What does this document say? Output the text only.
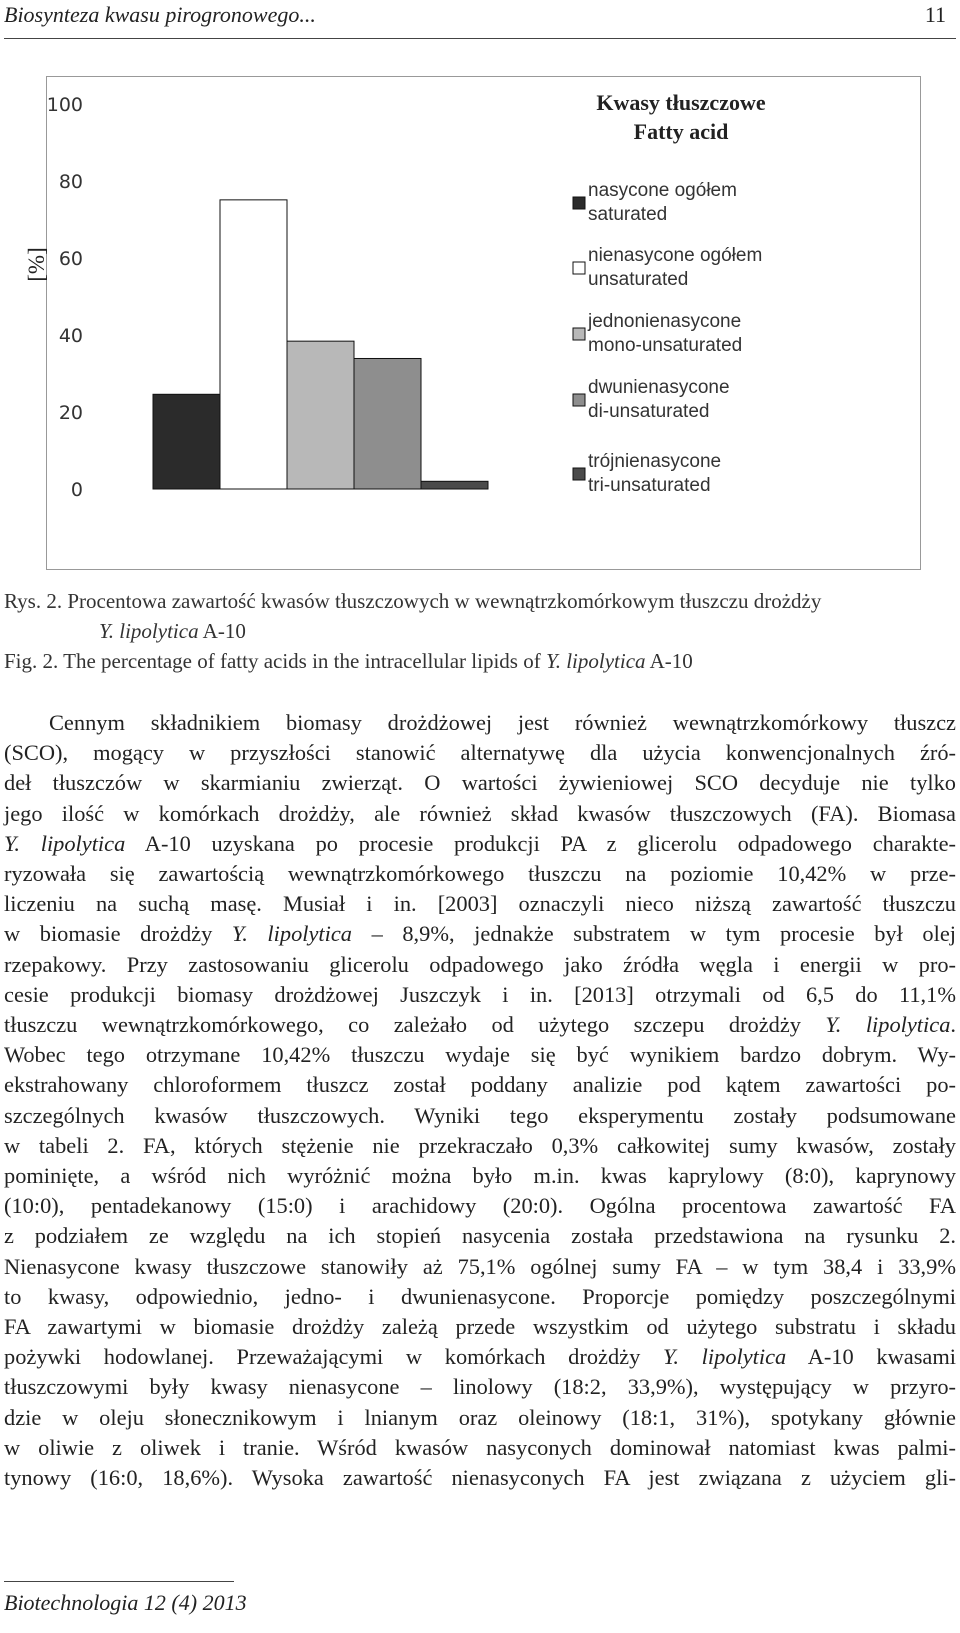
Biosynteza kwasu pirogronowego...	11
0
20
40
60
80
100
[%]
Kwasy tłuszczowe
Fatty acid
nasycone ogółem
saturated
nienasycone ogółem
unsaturated
jednonienasycone
mono-unsaturated
dwunienasycone
di-unsaturated
trójnienasycone
tri-unsaturated
Rys. 2. Procentowa zawartość kwasów tłuszczowych w wewnątrzkomórkowym tłuszczu drożdży
Y. lipolytica A-10
Fig. 2. The percentage of fatty acids in the intracellular lipids of Y. lipolytica A-10
Cennym składnikiem biomasy drożdżowej jest również wewnątrzkomórkowy tłuszcz
(SCO), mogący w przyszłości stanowić alternatywę dla użycia konwencjonalnych źró-
deł tłuszczów w skarmianiu zwierząt. O wartości żywieniowej SCO decyduje nie tylko
jego ilość w komórkach drożdży, ale również skład kwasów tłuszczowych (FA). Biomasa
Y. lipolytica A-10 uzyskana po procesie produkcji PA z glicerolu odpadowego charakte-
ryzowała się zawartością wewnątrzkomórkowego tłuszczu na poziomie 10,42% w prze-
liczeniu na suchą masę. Musiał i in. [2003] oznaczyli nieco niższą zawartość tłuszczu
w biomasie drożdży Y. lipolytica – 8,9%, jednakże substratem w tym procesie był olej
rzepakowy. Przy zastosowaniu glicerolu odpadowego jako źródła węgla i energii w pro-
cesie produkcji biomasy drożdżowej Juszczyk i in. [2013] otrzymali od 6,5 do 11,1%
tłuszczu wewnątrzkomórkowego, co zależało od użytego szczepu drożdży Y. lipolytica.
Wobec tego otrzymane 10,42% tłuszczu wydaje się być wynikiem bardzo dobrym. Wy-
ekstrahowany chloroformem tłuszcz został poddany analizie pod kątem zawartości po-
szczególnych kwasów tłuszczowych. Wyniki tego eksperymentu zostały podsumowane
w tabeli 2. FA, których stężenie nie przekraczało 0,3% całkowitej sumy kwasów, zostały
pominięte, a wśród nich wyróżnić można było m.in. kwas kaprylowy (8:0), kaprynowy
(10:0), pentadekanowy (15:0) i arachidowy (20:0). Ogólna procentowa zawartość FA
z podziałem ze względu na ich stopień nasycenia została przedstawiona na rysunku 2.
Nienasycone kwasy tłuszczowe stanowiły aż 75,1% ogólnej sumy FA – w tym 38,4 i 33,9%
to kwasy, odpowiednio, jedno- i dwunienasycone. Proporcje pomiędzy poszczególnymi
FA zawartymi w biomasie drożdży zależą przede wszystkim od użytego substratu i składu
pożywki hodowlanej. Przeważającymi w komórkach drożdży Y. lipolytica A-10 kwasami
tłuszczowymi były kwasy nienasycone – linolowy (18:2, 33,9%), występujący w przyro-
dzie w oleju słonecznikowym i lnianym oraz oleinowy (18:1, 31%), spotykany głównie
w oliwie z oliwek i tranie. Wśród kwasów nasyconych dominował natomiast kwas palmi-
tynowy (16:0, 18,6%). Wysoka zawartość nienasyconych FA jest związana z użyciem gli-
Biotechnologia 12 (4) 2013
